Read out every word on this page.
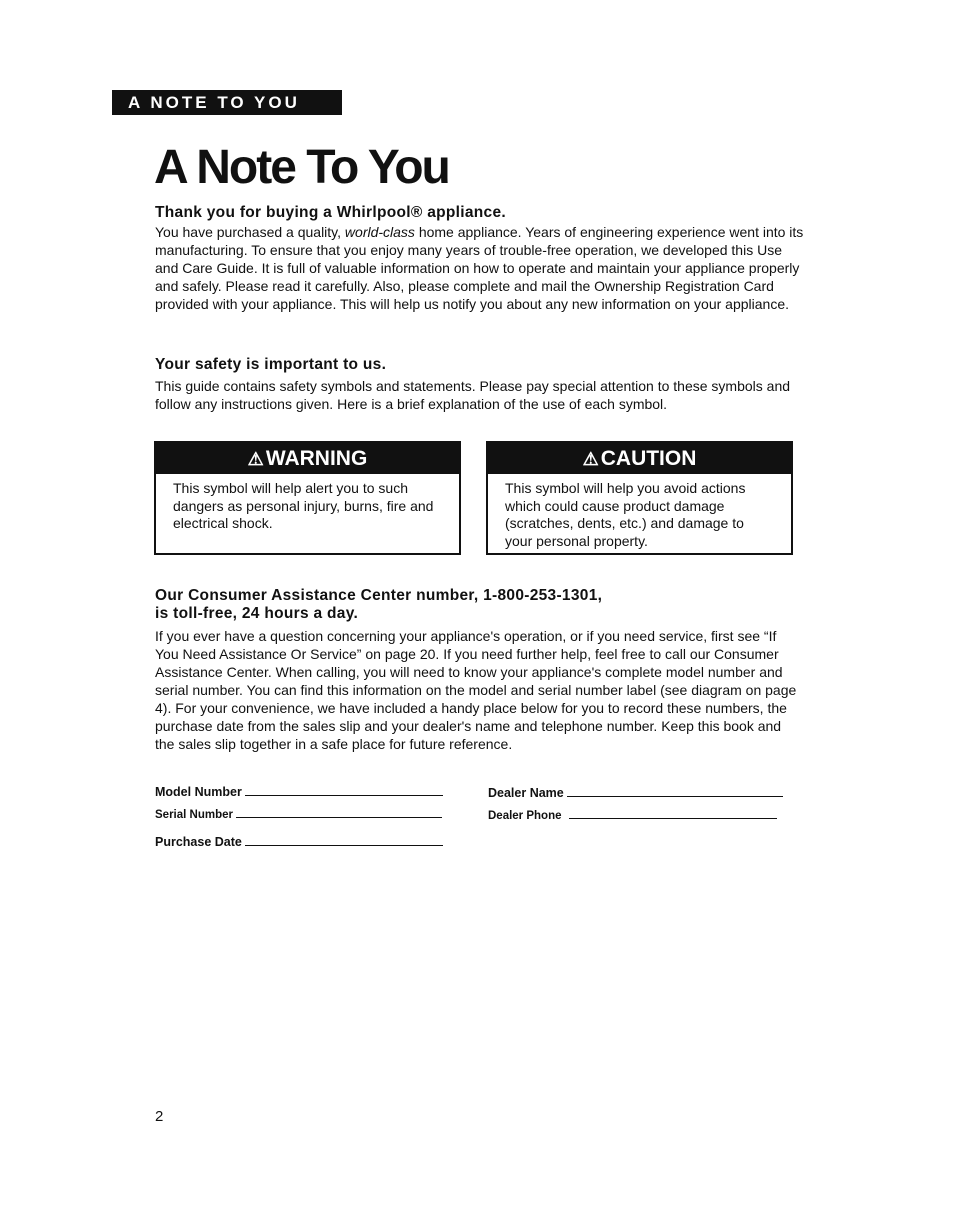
A NOTE TO YOU
A Note To You
Thank you for buying a Whirlpool® appliance.

You have purchased a quality, world-class home appliance. Years of engineering experience went into its manufacturing. To ensure that you enjoy many years of trouble-free operation, we developed this Use and Care Guide. It is full of valuable information on how to operate and maintain your appliance properly and safely. Please read it carefully. Also, please complete and mail the Ownership Registration Card provided with your appliance. This will help us notify you about any new information on your appliance.

Your safety is important to us.

This guide contains safety symbols and statements. Please pay special attention to these symbols and follow any instructions given. Here is a brief explanation of the use of each symbol.

⚠WARNING
This symbol will help alert you to such dangers as personal injury, burns, fire and electrical shock.
⚠CAUTION
This symbol will help you avoid actions which could cause product damage (scratches, dents, etc.) and damage to your personal property.
Our Consumer Assistance Center number, 1-800-253-1301,
is toll-free, 24 hours a day.

If you ever have a question concerning your appliance's operation, or if you need service, first see “If You Need Assistance Or Service” on page 20. If you need further help, feel free to call our Consumer Assistance Center. When calling, you will need to know your appliance's complete model number and serial number. You can find this information on the model and serial number label (see diagram on page 4). For your convenience, we have included a handy place below for you to record these numbers, the purchase date from the sales slip and your dealer's name and telephone number. Keep this book and the sales slip together in a safe place for future reference.

Model Number
Serial Number
Purchase Date
Dealer Name
Dealer Phone
2
